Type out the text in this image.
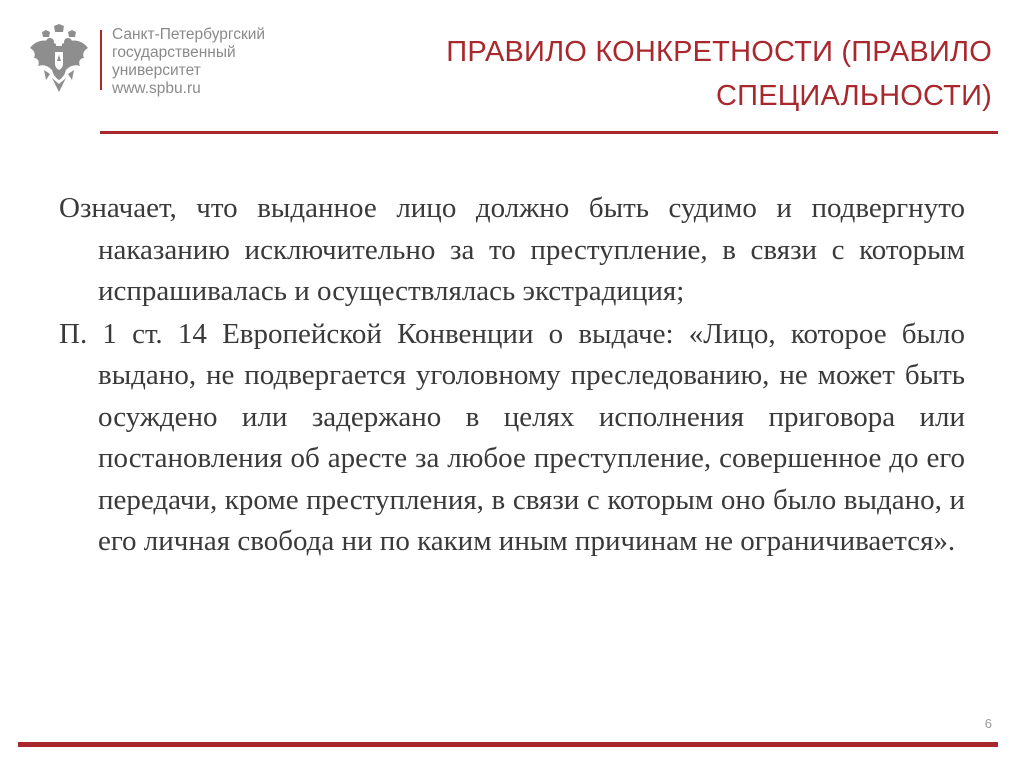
Санкт-Петербургский
государственный
университет
www.spbu.ru
ПРАВИЛО КОНКРЕТНОСТИ (ПРАВИЛО
СПЕЦИАЛЬНОСТИ)

Означает, что выданное лицо должно быть судимо и подвергнуто наказанию исключительно за то преступление, в связи с которым испрашивалась и осуществлялась экстрадиция;

П. 1 ст. 14 Европейской Конвенции о выдаче: «Лицо, которое было выдано, не подвергается уголовному преследованию, не может быть осуждено или задержано в целях исполнения приговора или постановления об аресте за любое преступление, совершенное до его передачи, кроме преступления, в связи с которым оно было выдано, и его личная свобода ни по каким иным причинам не ограничивается».

6
